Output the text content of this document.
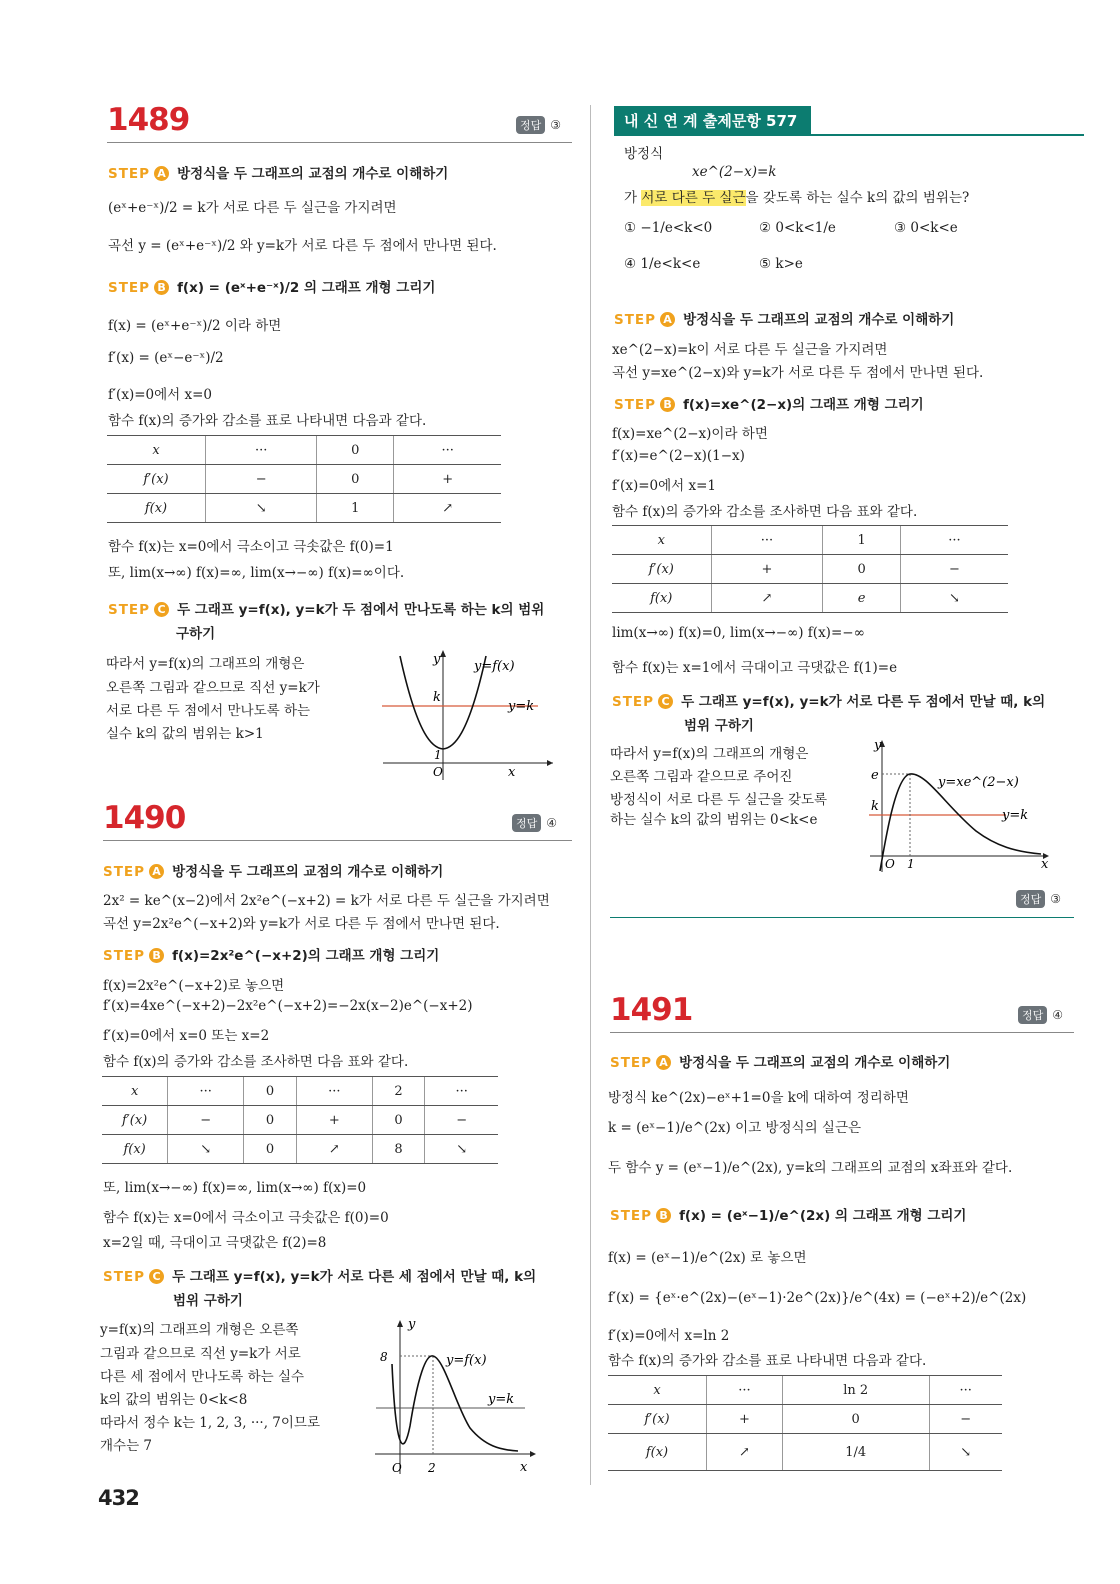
1489	정답 ③
STEP A 방정식을 두 그래프의 교점의 개수로 이해하기
(eˣ+e⁻ˣ)/2 = k가 서로 다른 두 실근을 가지려면
곡선 y = (eˣ+e⁻ˣ)/2 와 y=k가 서로 다른 두 점에서 만나면 된다.
STEP B f(x) = (eˣ+e⁻ˣ)/2 의 그래프 개형 그리기
f(x) = (eˣ+e⁻ˣ)/2 이라 하면
f′(x) = (eˣ−e⁻ˣ)/2
f′(x)=0에서 x=0
함수 f(x)의 증가와 감소를 표로 나타내면 다음과 같다.
x	···	0	···
f′(x)	−	0	+
f(x)	↘	1	↗
함수 f(x)는 x=0에서 극소이고 극솟값은 f(0)=1
또, lim(x→∞) f(x)=∞, lim(x→−∞) f(x)=∞이다.
STEP C 두 그래프 y=f(x), y=k가 두 점에서 만나도록 하는 k의 범위
구하기
따라서 y=f(x)의 그래프의 개형은
오른쪽 그림과 같으므로 직선 y=k가
서로 다른 두 점에서 만나도록 하는
실수 k의 값의 범위는 k>1
y
x
O
k
1
y=f(x)
y=k
1490	정답 ④
STEP A 방정식을 두 그래프의 교점의 개수로 이해하기
2x² = ke^(x−2)에서 2x²e^(−x+2) = k가 서로 다른 두 실근을 가지려면
곡선 y=2x²e^(−x+2)와 y=k가 서로 다른 두 점에서 만나면 된다.
STEP B f(x)=2x²e^(−x+2)의 그래프 개형 그리기
f(x)=2x²e^(−x+2)로 놓으면
f′(x)=4xe^(−x+2)−2x²e^(−x+2)=−2x(x−2)e^(−x+2)
f′(x)=0에서 x=0 또는 x=2
함수 f(x)의 증가와 감소를 조사하면 다음 표와 같다.
x	···	0	···	2	···
f′(x)	−	0	+	0	−
f(x)	↘	0	↗	8	↘
또, lim(x→−∞) f(x)=∞, lim(x→∞) f(x)=0
함수 f(x)는 x=0에서 극소이고 극솟값은 f(0)=0
x=2일 때, 극대이고 극댓값은 f(2)=8
STEP C 두 그래프 y=f(x), y=k가 서로 다른 세 점에서 만날 때, k의
범위 구하기
y=f(x)의 그래프의 개형은 오른쪽
그림과 같으므로 직선 y=k가 서로
다른 세 점에서 만나도록 하는 실수
k의 값의 범위는 0<k<8
따라서 정수 k는 1, 2, 3, ···, 7이므로
개수는 7
y
x
O 2
8	y=f(x)
y=k
432
내 신 연 계 출제문항 577
방정식
xe^(2−x)=k
가 서로 다른 두 실근을 갖도록 하는 실수 k의 값의 범위는?
① −1/e<k<0	② 0<k<1/e	③ 0<k<e
④ 1/e<k<e	⑤ k>e
STEP A 방정식을 두 그래프의 교점의 개수로 이해하기
xe^(2−x)=k이 서로 다른 두 실근을 가지려면
곡선 y=xe^(2−x)와 y=k가 서로 다른 두 점에서 만나면 된다.
STEP B f(x)=xe^(2−x)의 그래프 개형 그리기
f(x)=xe^(2−x)이라 하면
f′(x)=e^(2−x)(1−x)
f′(x)=0에서 x=1
함수 f(x)의 증가와 감소를 조사하면 다음 표와 같다.
x	···	1	···
f′(x)	+	0	−
f(x)	↗	e	↘
lim(x→∞) f(x)=0, lim(x→−∞) f(x)=−∞
함수 f(x)는 x=1에서 극대이고 극댓값은 f(1)=e
STEP C 두 그래프 y=f(x), y=k가 서로 다른 두 점에서 만날 때, k의
범위 구하기
따라서 y=f(x)의 그래프의 개형은
오른쪽 그림과 같으므로 주어진
방정식이 서로 다른 두 실근을 갖도록
하는 실수 k의 값의 범위는 0<k<e
y
x
O 1
e
k
y=xe^(2−x)
y=k
정답 ③
1491	정답 ④
STEP A 방정식을 두 그래프의 교점의 개수로 이해하기
방정식 ke^(2x)−eˣ+1=0을 k에 대하여 정리하면
k = (eˣ−1)/e^(2x) 이고 방정식의 실근은
두 함수 y = (eˣ−1)/e^(2x), y=k의 그래프의 교점의 x좌표와 같다.
STEP B f(x) = (eˣ−1)/e^(2x) 의 그래프 개형 그리기
f(x) = (eˣ−1)/e^(2x) 로 놓으면
f′(x) = {eˣ·e^(2x)−(eˣ−1)·2e^(2x)}/e^(4x) = (−eˣ+2)/e^(2x)
f′(x)=0에서 x=ln 2
함수 f(x)의 증가와 감소를 표로 나타내면 다음과 같다.
x	···	ln 2	···
f′(x)	+	0	−
f(x)	↗	1/4	↘
